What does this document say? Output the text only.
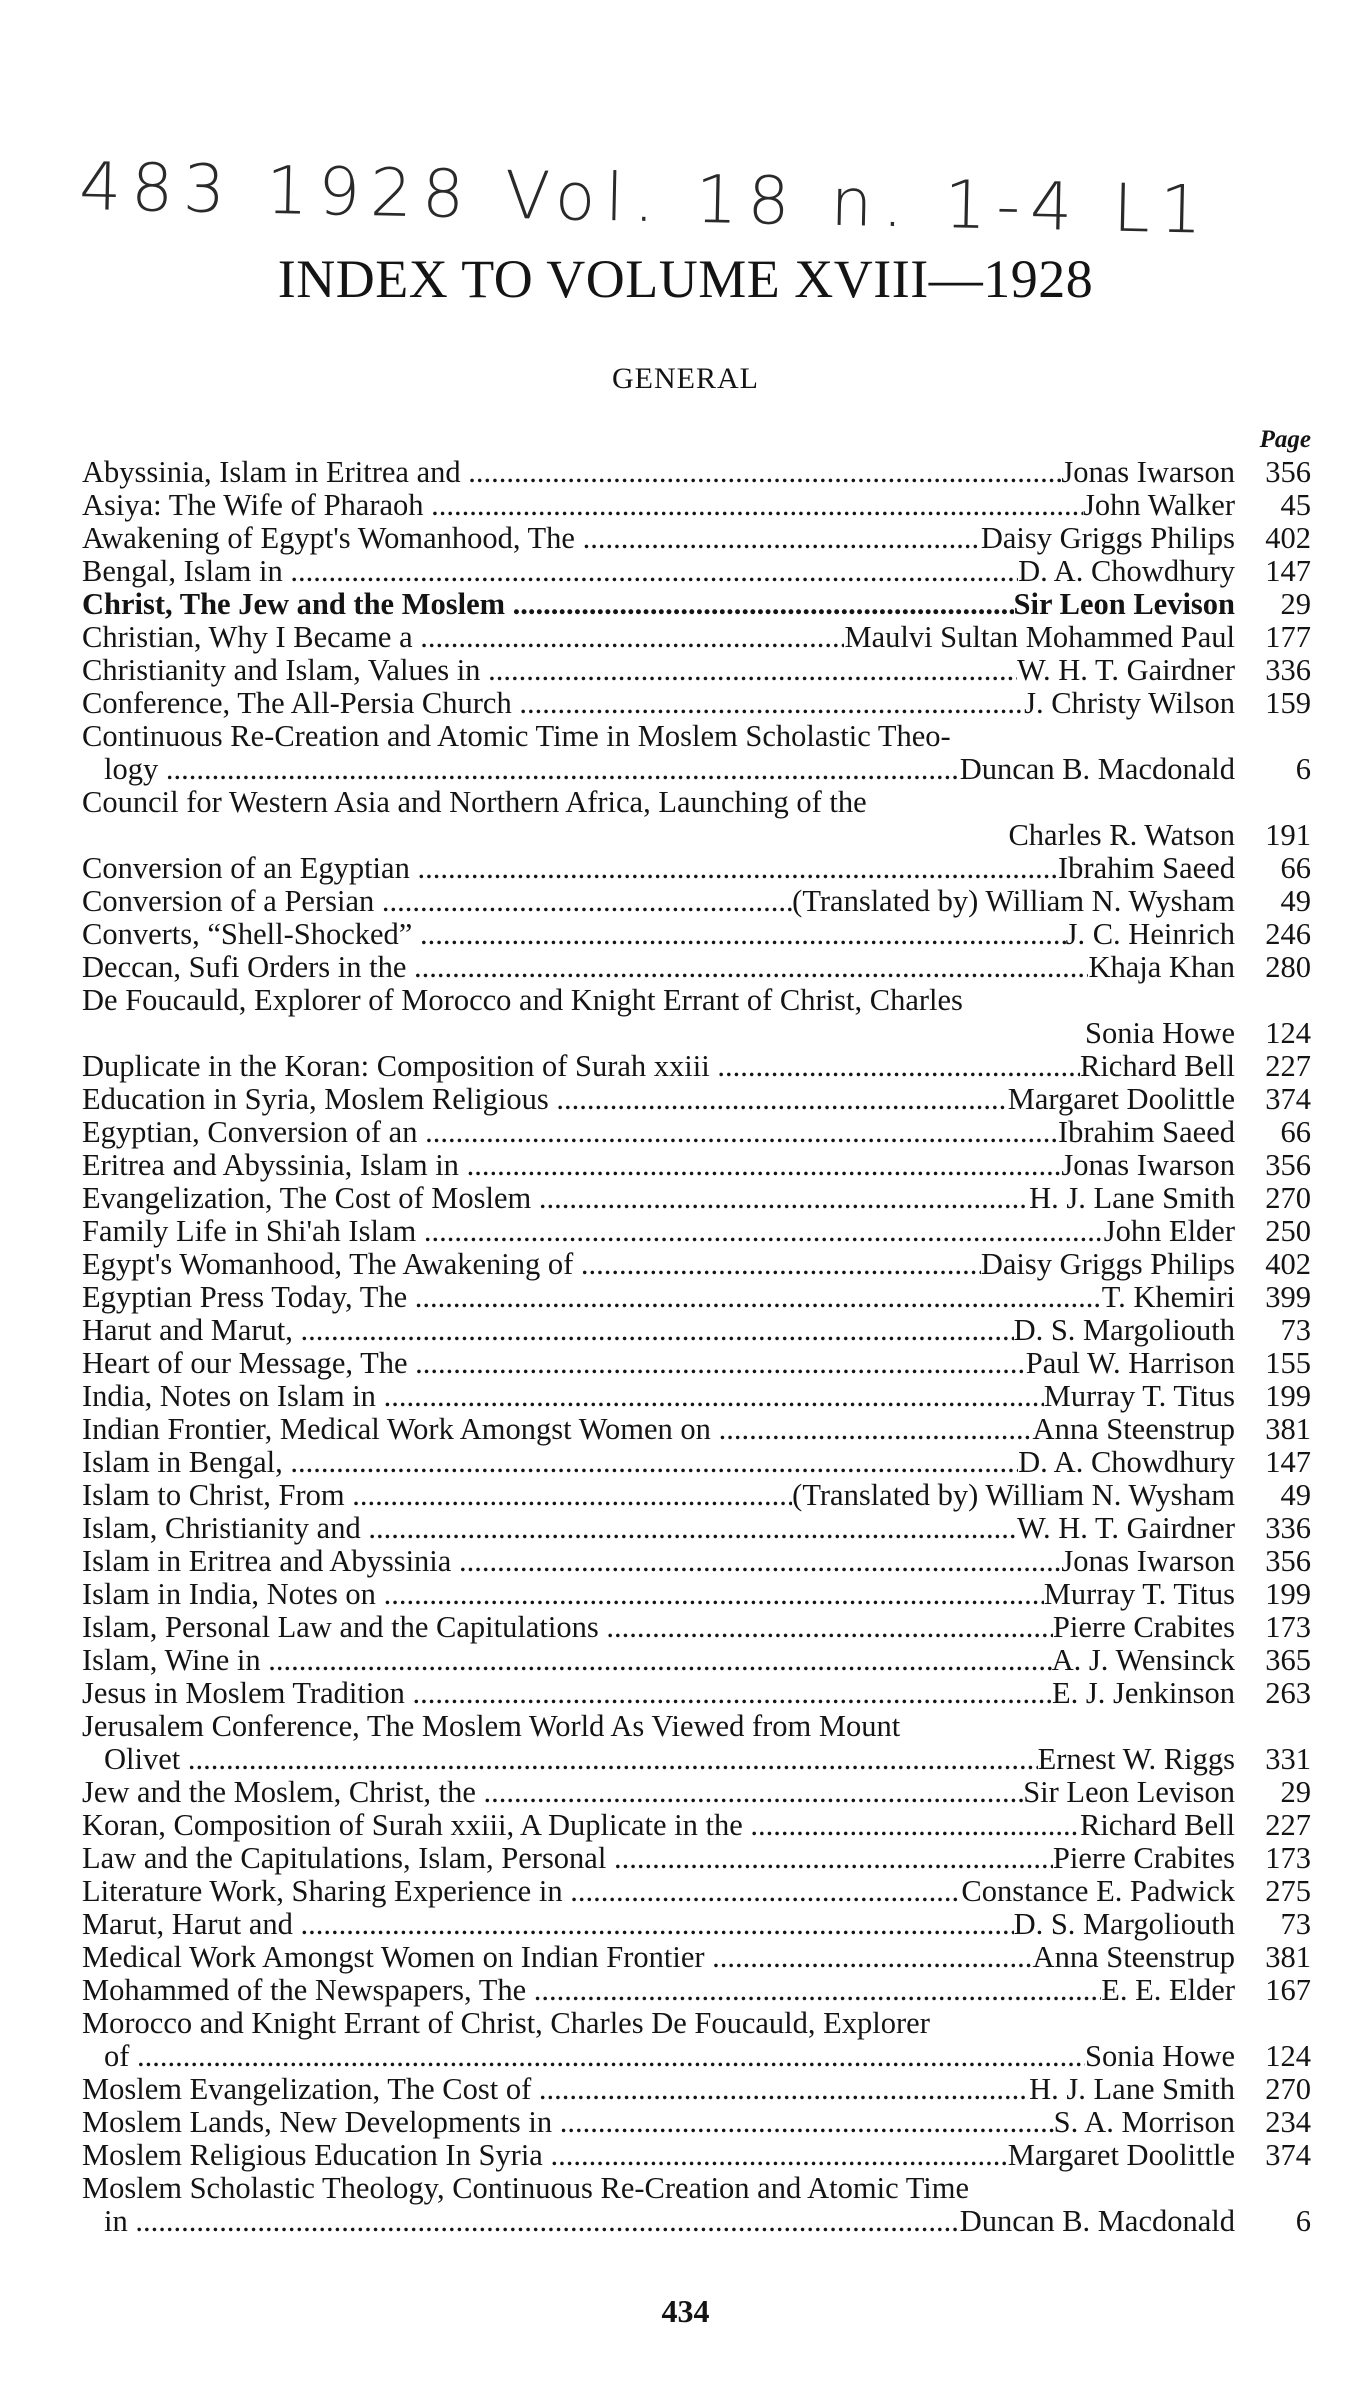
483 1928 Vol. 18 n. 1-4 L1
INDEX TO VOLUME XVIII—1928
GENERAL
Page
Abyssinia, Islam in Eritrea and .....	Jonas Iwarson 356
Asiya: The Wife of Pharaoh .....	John Walker	45
Awakening of Egypt's Womanhood, The .....	Daisy Griggs Philips 402
Bengal, Islam in .....	D. A. Chowdhury 147
Christ, The Jew and the Moslem .....	Sir Leon Levison	29
Christian, Why I Became a .....	Maulvi Sultan Mohammed Paul 177
Christianity and Islam, Values in .....	W. H. T. Gairdner 336
Conference, The All-Persia Church .....	J. Christy Wilson 159
Continuous Re-Creation and Atomic Time in Moslem Scholastic Theo-
logy .....	Duncan B. Macdonald	6
Council for Western Asia and Northern Africa, Launching of the
Charles R. Watson 191
Conversion of an Egyptian .....	Ibrahim Saeed	66
Conversion of a Persian .....	(Translated by) William N. Wysham	49
Converts, “Shell-Shocked” .....	J. C. Heinrich 246
Deccan, Sufi Orders in the .....	Khaja Khan 280
De Foucauld, Explorer of Morocco and Knight Errant of Christ, Charles
Sonia Howe 124
Duplicate in the Koran: Composition of Surah xxiii .....	Richard Bell 227
Education in Syria, Moslem Religious .....	Margaret Doolittle 374
Egyptian, Conversion of an .....	Ibrahim Saeed	66
Eritrea and Abyssinia, Islam in .....	Jonas Iwarson 356
Evangelization, The Cost of Moslem .....	H. J. Lane Smith 270
Family Life in Shi'ah Islam .....	John Elder 250
Egypt's Womanhood, The Awakening of .....	Daisy Griggs Philips 402
Egyptian Press Today, The .....	T. Khemiri 399
Harut and Marut, .....	D. S. Margoliouth	73
Heart of our Message, The .....	Paul W. Harrison 155
India, Notes on Islam in .....	Murray T. Titus 199
Indian Frontier, Medical Work Amongst Women on .....	Anna Steenstrup 381
Islam in Bengal, .....	D. A. Chowdhury 147
Islam to Christ, From .....	(Translated by) William N. Wysham	49
Islam, Christianity and .....	W. H. T. Gairdner 336
Islam in Eritrea and Abyssinia .....	Jonas Iwarson 356
Islam in India, Notes on .....	Murray T. Titus 199
Islam, Personal Law and the Capitulations .....	Pierre Crabites 173
Islam, Wine in .....	A. J. Wensinck 365
Jesus in Moslem Tradition .....	E. J. Jenkinson 263
Jerusalem Conference, The Moslem World As Viewed from Mount
Olivet .....	Ernest W. Riggs 331
Jew and the Moslem, Christ, the .....	Sir Leon Levison	29
Koran, Composition of Surah xxiii, A Duplicate in the .....	Richard Bell 227
Law and the Capitulations, Islam, Personal .....	Pierre Crabites 173
Literature Work, Sharing Experience in .....	Constance E. Padwick 275
Marut, Harut and .....	D. S. Margoliouth	73
Medical Work Amongst Women on Indian Frontier .....	Anna Steenstrup 381
Mohammed of the Newspapers, The .....	E. E. Elder 167
Morocco and Knight Errant of Christ, Charles De Foucauld, Explorer
of .....	Sonia Howe 124
Moslem Evangelization, The Cost of .....	H. J. Lane Smith 270
Moslem Lands, New Developments in .....	S. A. Morrison 234
Moslem Religious Education In Syria .....	Margaret Doolittle 374
Moslem Scholastic Theology, Continuous Re-Creation and Atomic Time
in .....	Duncan B. Macdonald	6
434
